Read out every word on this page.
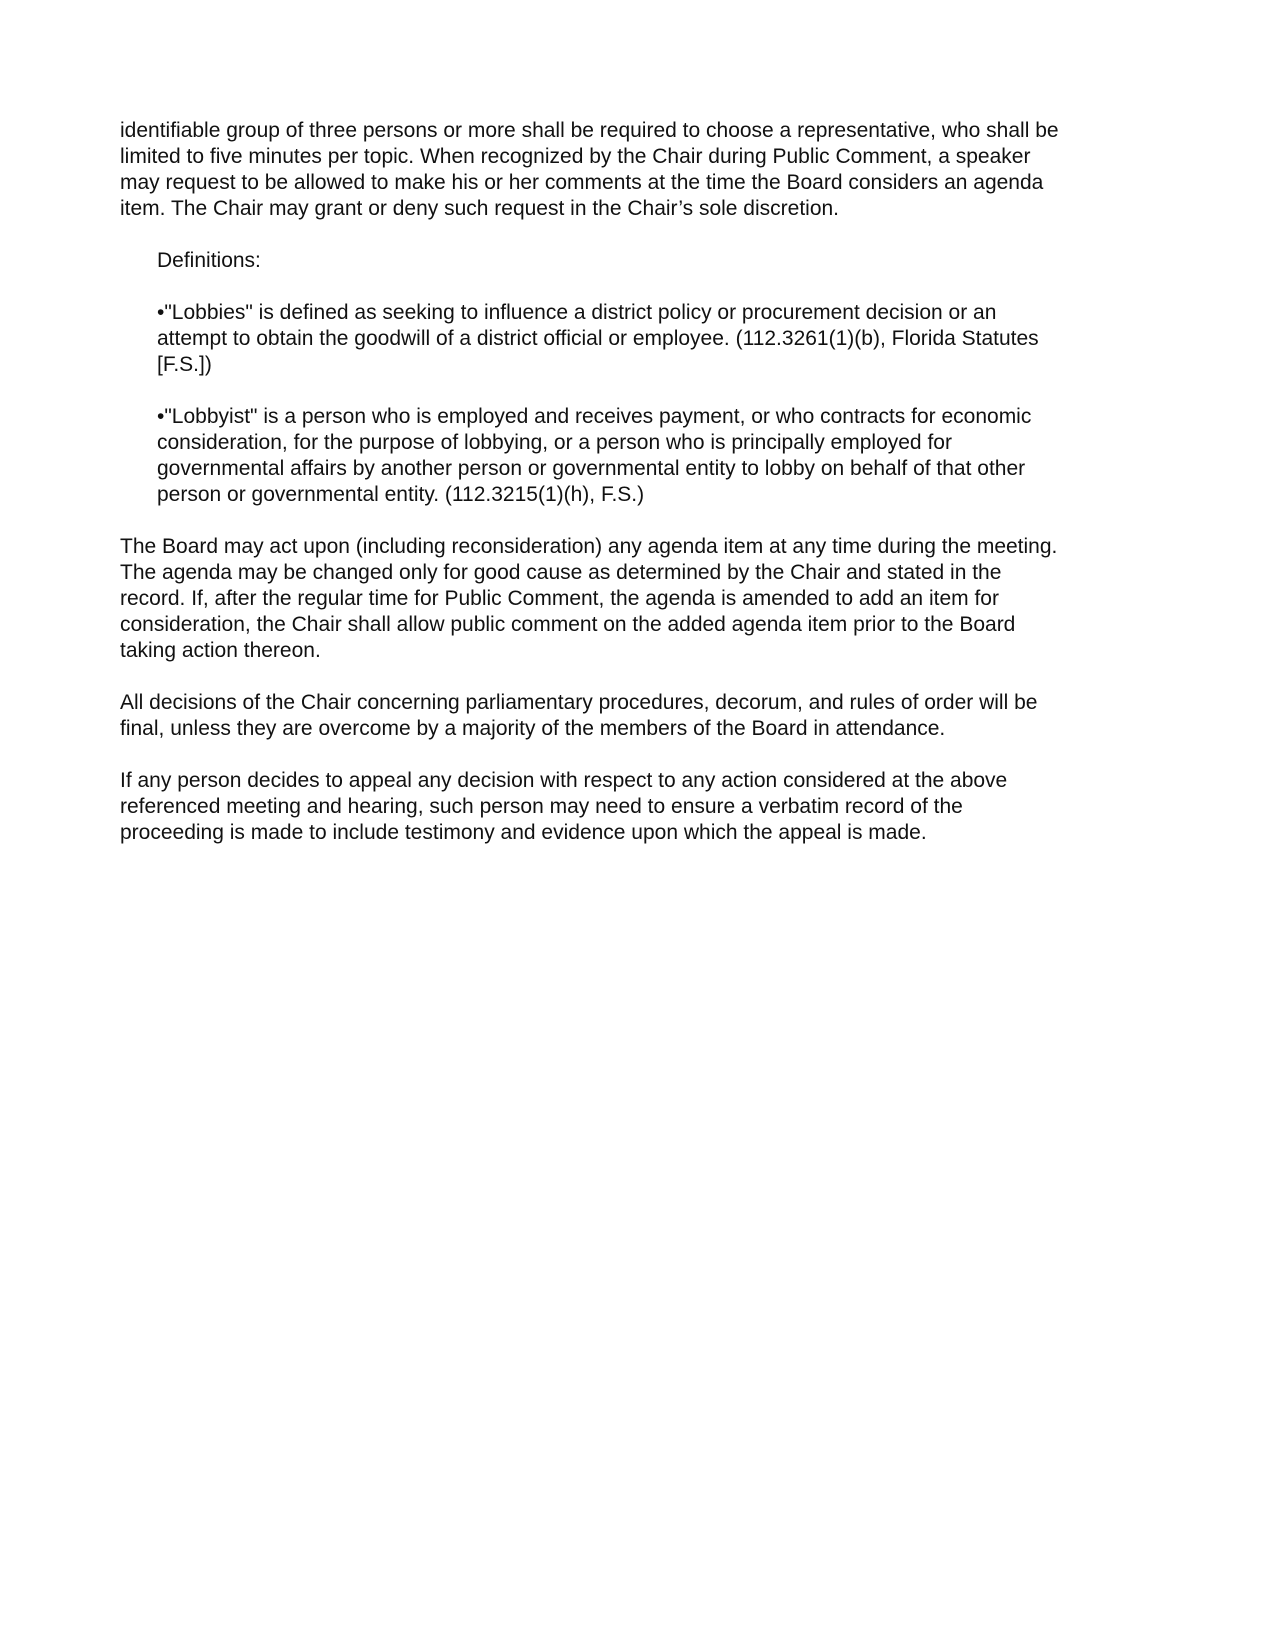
identifiable group of three persons or more shall be required to choose a representative, who shall be
limited to five minutes per topic. When recognized by the Chair during Public Comment, a speaker
may request to be allowed to make his or her comments at the time the Board considers an agenda
item. The Chair may grant or deny such request in the Chair’s sole discretion.

Definitions:

•"Lobbies" is defined as seeking to influence a district policy or procurement decision or an
attempt to obtain the goodwill of a district official or employee. (112.3261(1)(b), Florida Statutes
[F.S.])

•"Lobbyist" is a person who is employed and receives payment, or who contracts for economic
consideration, for the purpose of lobbying, or a person who is principally employed for
governmental affairs by another person or governmental entity to lobby on behalf of that other
person or governmental entity. (112.3215(1)(h), F.S.)

The Board may act upon (including reconsideration) any agenda item at any time during the meeting.
The agenda may be changed only for good cause as determined by the Chair and stated in the
record. If, after the regular time for Public Comment, the agenda is amended to add an item for
consideration, the Chair shall allow public comment on the added agenda item prior to the Board
taking action thereon.

All decisions of the Chair concerning parliamentary procedures, decorum, and rules of order will be
final, unless they are overcome by a majority of the members of the Board in attendance.

If any person decides to appeal any decision with respect to any action considered at the above
referenced meeting and hearing, such person may need to ensure a verbatim record of the
proceeding is made to include testimony and evidence upon which the appeal is made.
